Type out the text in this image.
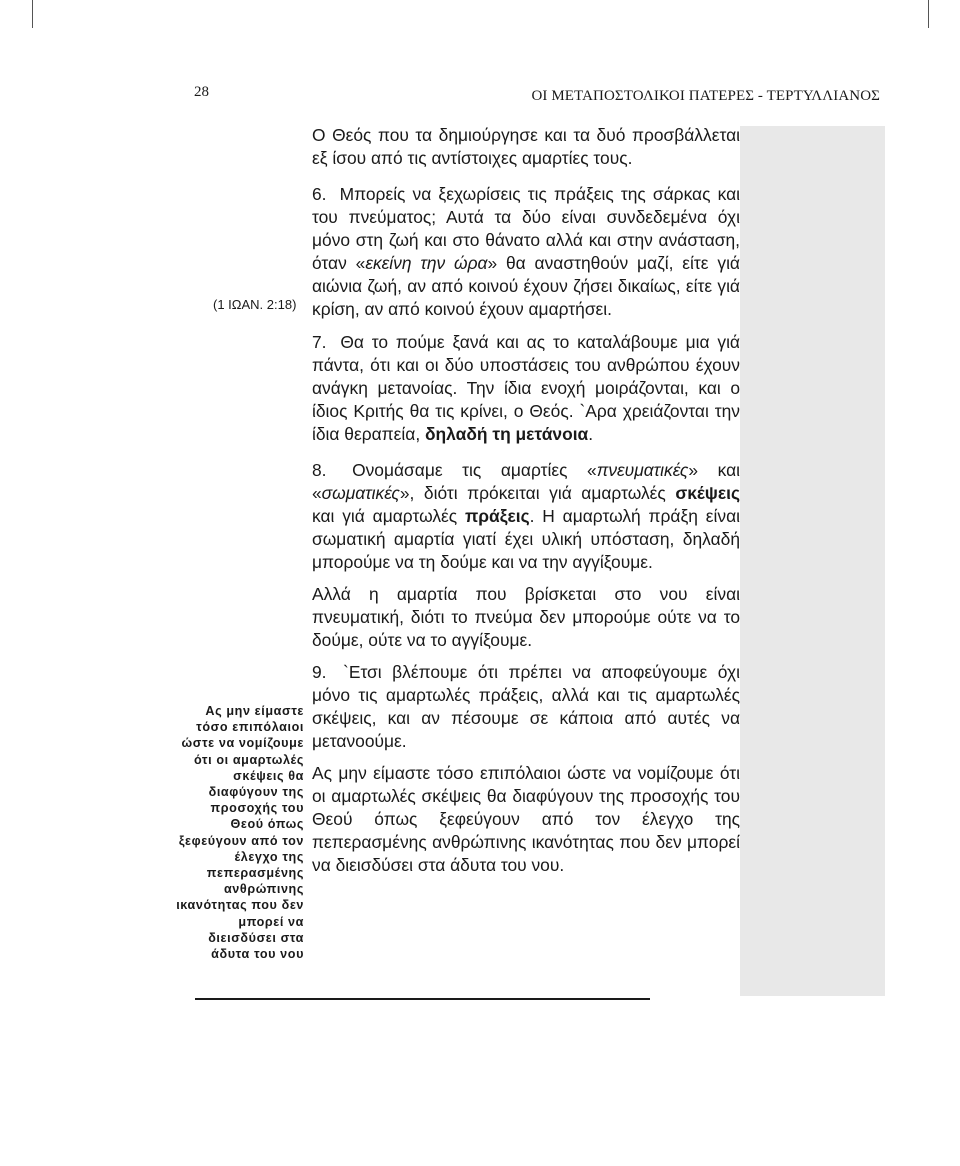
28	ΟΙ ΜΕΤΑΠΟΣΤΟΛΙΚΟΙ ΠΑΤΕΡΕΣ - ΤΕΡΤΥΛΛΙΑΝΟΣ
(1 ΙΩΑΝ. 2:18)

Ο Θεός που τα δημιούργησε και τα δυό προσβάλλεται εξ ίσου από τις αντίστοιχες αμαρτίες τους.

6. Μπορείς να ξεχωρίσεις τις πράξεις της σάρκας και του πνεύματος; Αυτά τα δύο είναι συνδεδεμένα όχι μόνο στη ζωή και στο θάνατο αλλά και στην ανάσταση, όταν «εκείνη την ώρα» θα αναστηθούν μαζί, είτε γιά αιώνια ζωή, αν από κοινού έχουν ζήσει δικαίως, είτε γιά κρίση, αν από κοινού έχουν αμαρτήσει.

7. Θα το πούμε ξανά και ας το καταλάβουμε μια γιά πάντα, ότι και οι δύο υποστάσεις του ανθρώπου έχουν ανάγκη μετανοίας. Την ίδια ενοχή μοιράζονται, και ο ίδιος Κριτής θα τις κρίνει, ο Θεός. `Αρα χρειάζονται την ίδια θεραπεία, δηλαδή τη μετάνοια.

8. Ονομάσαμε τις αμαρτίες «πνευματικές» και «σωματικές», διότι πρόκειται γιά αμαρτωλές σκέψεις και γιά αμαρτωλές πράξεις. Η αμαρτωλή πράξη είναι σωματική αμαρτία γιατί έχει υλική υπόσταση, δηλαδή μπορούμε να τη δούμε και να την αγγίξουμε.

Αλλά η αμαρτία που βρίσκεται στο νου είναι πνευματική, διότι το πνεύμα δεν μπορούμε ούτε να το δούμε, ούτε να το αγγίξουμε.

9. `Ετσι βλέπουμε ότι πρέπει να αποφεύγουμε όχι μόνο τις αμαρτωλές πράξεις, αλλά και τις αμαρτωλές σκέψεις, και αν πέσουμε σε κάποια από αυτές να μετανοούμε.

Ας μην είμαστε τόσο επιπόλαιοι ώστε να νομίζουμε ότι οι αμαρτωλές σκέψεις θα διαφύγουν της προσοχής του Θεού όπως ξεφεύγουν από τον έλεγχο της πεπερασμένης ανθρώπινης ικανότητας που δεν μπορεί να διεισδύσει στα άδυτα του νου.

Ας μην είμαστε τόσο επιπόλαιοι ώστε να νομίζουμε ότι οι αμαρτωλές σκέψεις θα διαφύγουν της προσοχής του Θεού όπως ξεφεύγουν από τον έλεγχο της πεπερασμένης ανθρώπινης ικανότητας που δεν μπορεί να διεισδύσει στα άδυτα του νου
